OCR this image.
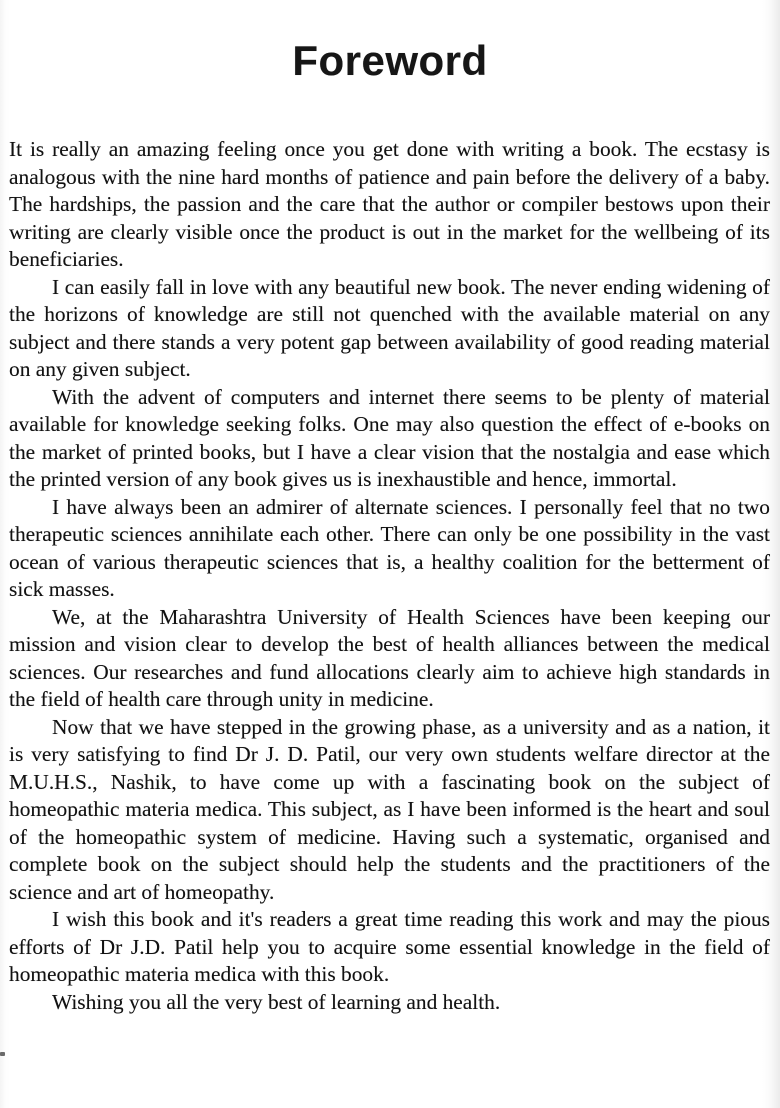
Foreword

It is really an amazing feeling once you get done with writing a book. The ecstasy is analogous with the nine hard months of patience and pain before the delivery of a baby. The hardships, the passion and the care that the author or compiler bestows upon their writing are clearly visible once the product is out in the market for the wellbeing of its beneficiaries.

I can easily fall in love with any beautiful new book. The never ending widening of the horizons of knowledge are still not quenched with the available material on any subject and there stands a very potent gap between availability of good reading material on any given subject.

With the advent of computers and internet there seems to be plenty of material available for knowledge seeking folks. One may also question the effect of e-books on the market of printed books, but I have a clear vision that the nostalgia and ease which the printed version of any book gives us is inexhaustible and hence, immortal.

I have always been an admirer of alternate sciences. I personally feel that no two therapeutic sciences annihilate each other. There can only be one possibility in the vast ocean of various therapeutic sciences that is, a healthy coalition for the betterment of sick masses.

We, at the Maharashtra University of Health Sciences have been keeping our mission and vision clear to develop the best of health alliances between the medical sciences. Our researches and fund allocations clearly aim to achieve high standards in the field of health care through unity in medicine.

Now that we have stepped in the growing phase, as a university and as a nation, it is very satisfying to find Dr J. D. Patil, our very own students welfare director at the M.U.H.S., Nashik, to have come up with a fascinating book on the subject of homeopathic materia medica. This subject, as I have been informed is the heart and soul of the homeopathic system of medicine. Having such a systematic, organised and complete book on the subject should help the students and the practitioners of the science and art of homeopathy.

I wish this book and it's readers a great time reading this work and may the pious efforts of Dr J.D. Patil help you to acquire some essential knowledge in the field of homeopathic materia medica with this book.

Wishing you all the very best of learning and health.
